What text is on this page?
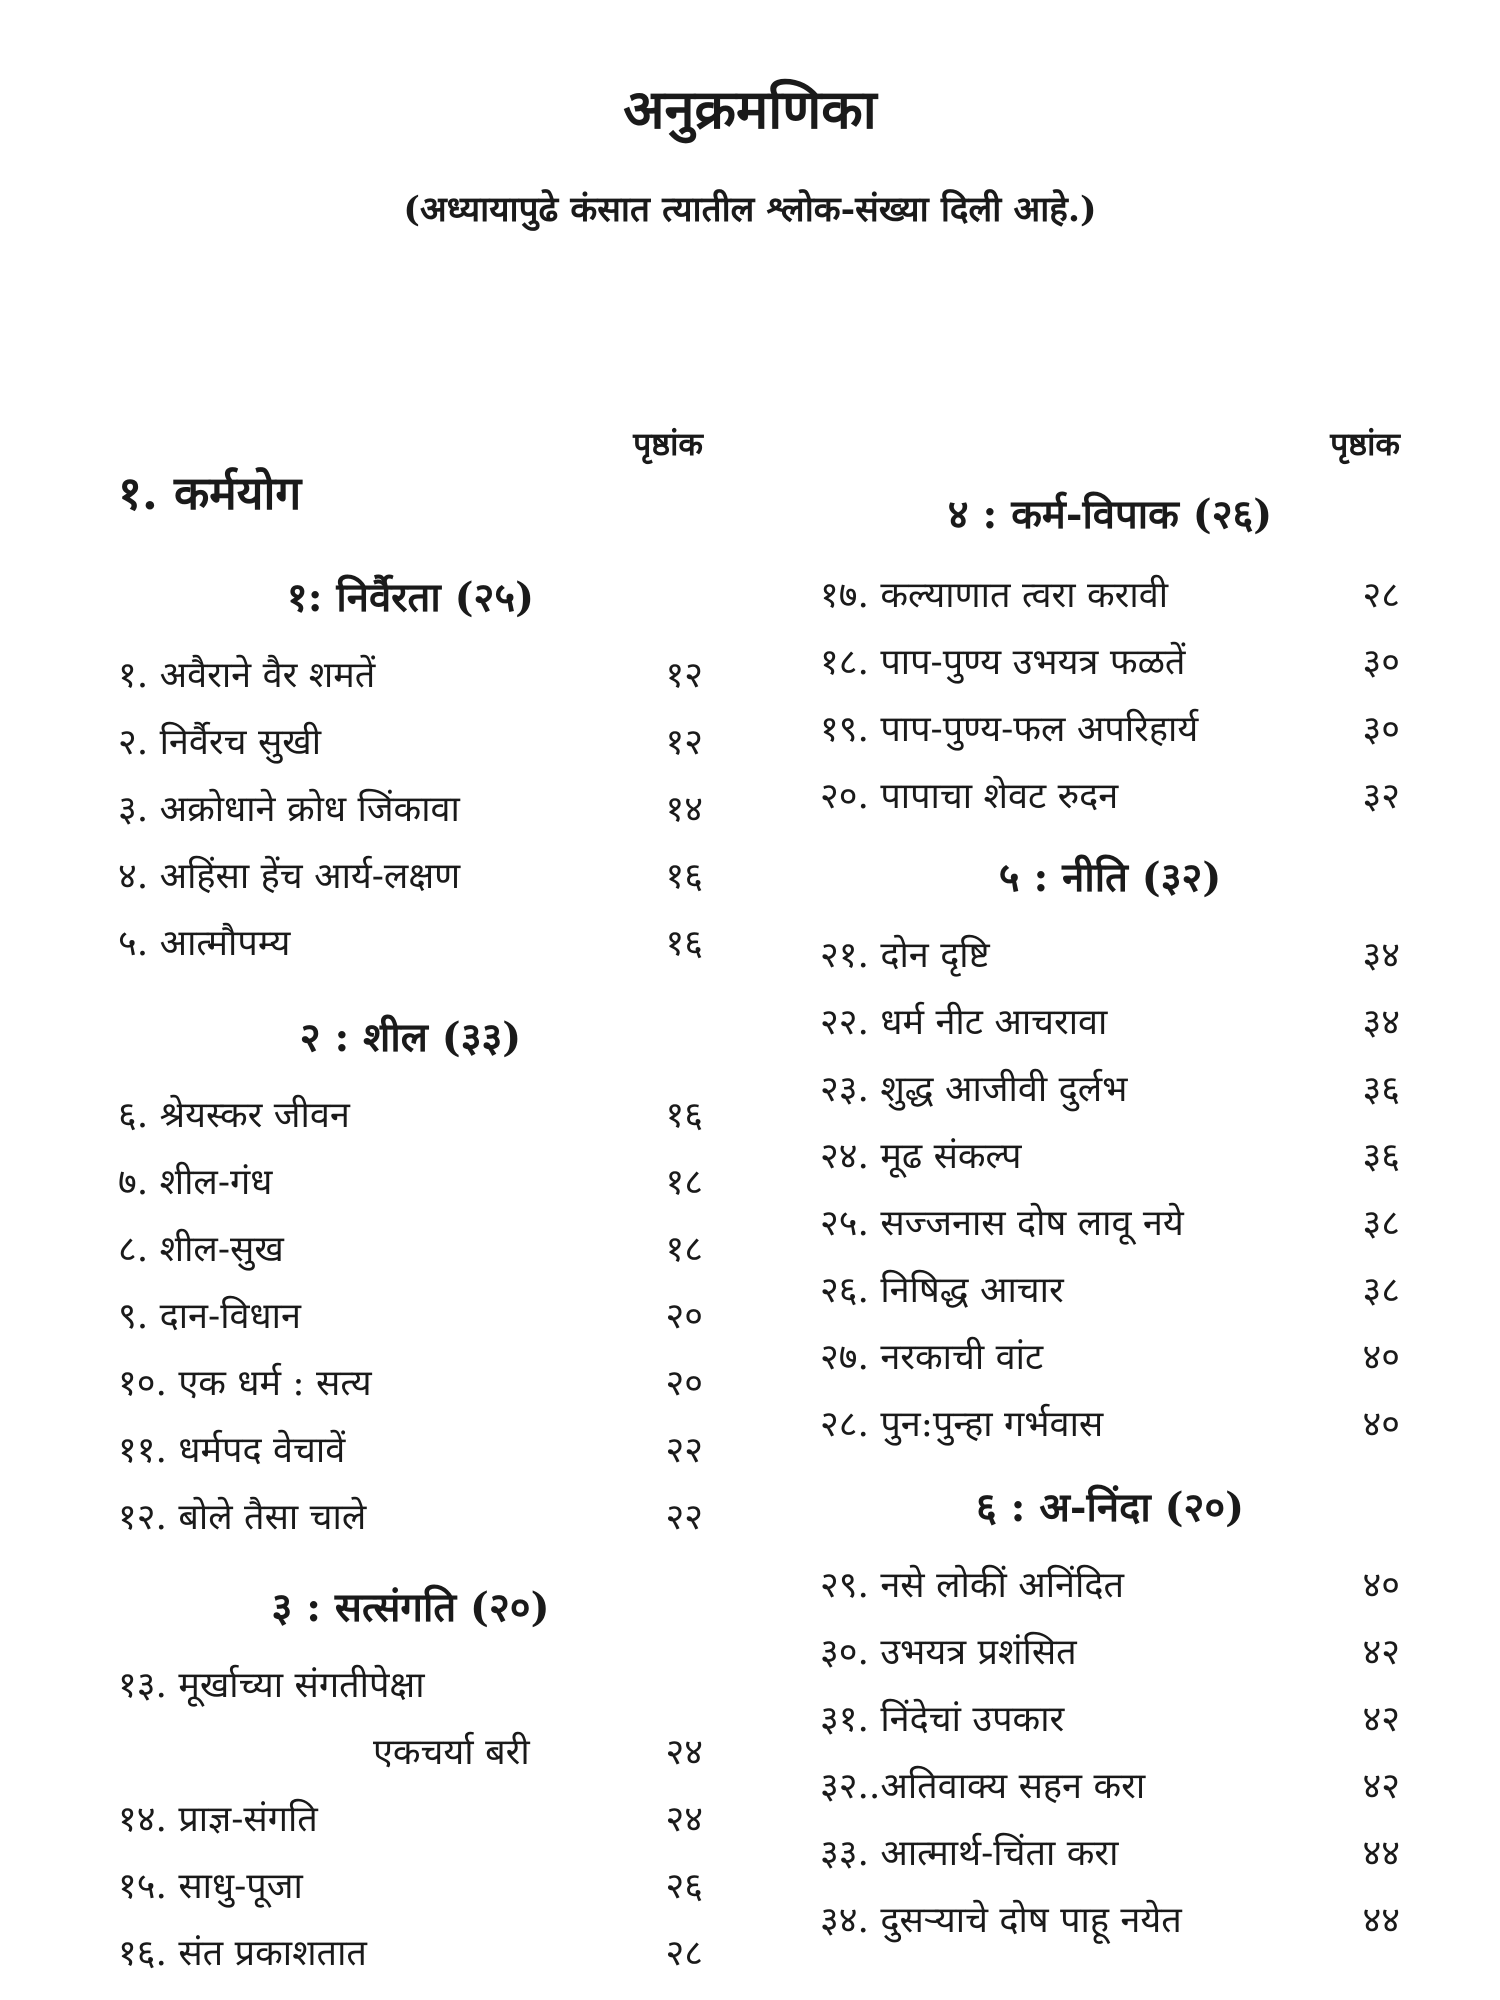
अनुक्रमणिका
(अध्यायापुढे कंसात त्यातील श्लोक-संख्या दिली आहे.)
पृष्ठांक
१. कर्मयोग
१: निर्वैरता (२५)
१. अवैराने वैर शमतें	१२
२. निर्वैरच सुखी	१२
३. अक्रोधाने क्रोध जिंकावा	१४
४. अहिंसा हेंच आर्य-लक्षण	१६
५. आत्मौपम्य	१६
२ : शील (३३)
६. श्रेयस्कर जीवन	१६
७. शील-गंध	१८
८. शील-सुख	१८
९. दान-विधान	२०
१०. एक धर्म : सत्य	२०
११. धर्मपद वेचावें	२२
१२. बोले तैसा चाले	२२
३ : सत्संगति (२०)
१३. मूर्खाच्या संगतीपेक्षा
एकचर्या बरी	२४
१४. प्राज्ञ-संगति	२४
१५. साधु-पूजा	२६
१६. संत प्रकाशतात	२८
पृष्ठांक
४ : कर्म-विपाक (२६)
१७. कल्याणात त्वरा करावी	२८
१८. पाप-पुण्य उभयत्र फळतें	३०
१९. पाप-पुण्य-फल अपरिहार्य	३०
२०. पापाचा शेवट रुदन	३२
५ : नीति (३२)
२१. दोन दृष्टि	३४
२२. धर्म नीट आचरावा	३४
२३. शुद्ध आजीवी दुर्लभ	३६
२४. मूढ संकल्प	३६
२५. सज्जनास दोष लावू नये	३८
२६. निषिद्ध आचार	३८
२७. नरकाची वांट	४०
२८. पुन:पुन्हा गर्भवास	४०
६ : अ-निंदा (२०)
२९. नसे लोकीं अनिंदित	४०
३०. उभयत्र प्रशंसित	४२
३१. निंदेचां उपकार	४२
३२..अतिवाक्य सहन करा	४२
३३. आत्मार्थ-चिंता करा	४४
३४. दुसऱ्याचे दोष पाहू नयेत	४४
